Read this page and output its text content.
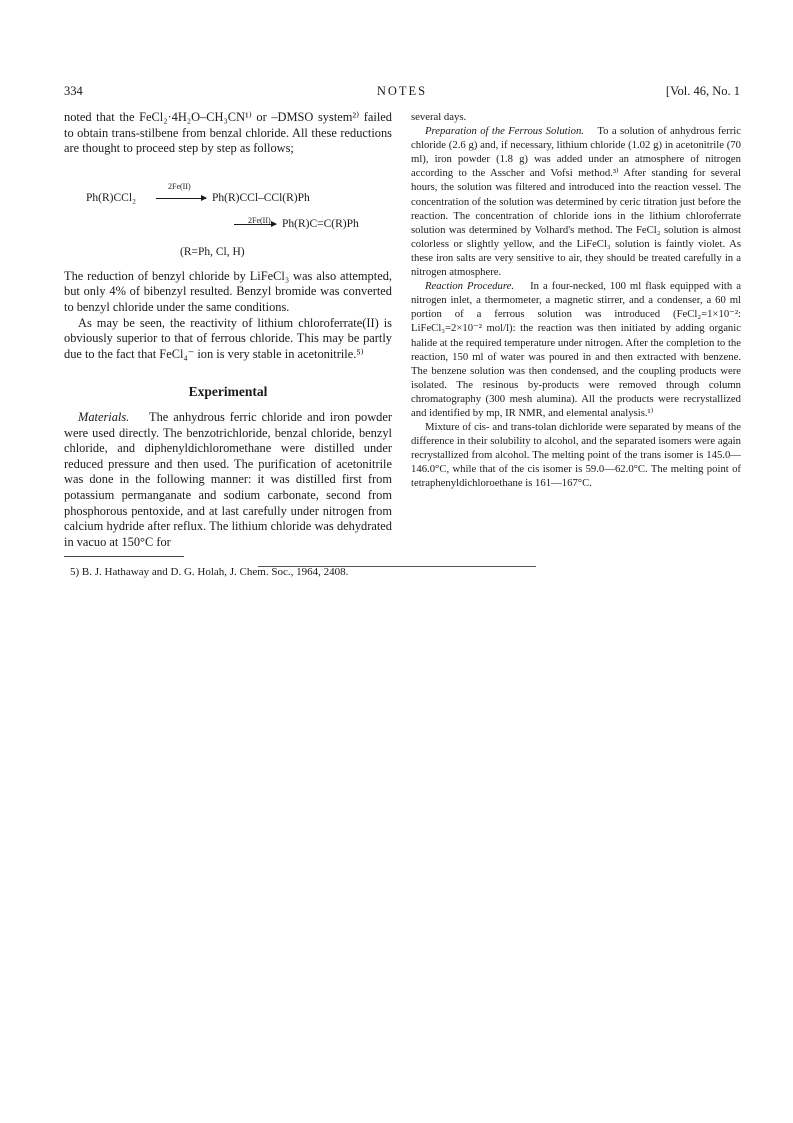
334	NOTES	[Vol. 46, No. 1

noted that the FeCl₂·4H₂O–CH₃CN¹⁾ or –DMSO system²⁾ failed to obtain trans-stilbene from benzal chloride. All these reductions are thought to proceed step by step as follows;

Ph(R)CCl₂
2Fe(II)
Ph(R)CCl–CCl(R)Ph
2Fe(II) Ph(R)C=C(R)Ph
(R=Ph, Cl, H)

The reduction of benzyl chloride by LiFeCl₃ was also attempted, but only 4% of bibenzyl resulted. Benzyl bromide was converted to benzyl chloride under the same conditions.

As may be seen, the reactivity of lithium chloroferrate(II) is obviously superior to that of ferrous chloride. This may be partly due to the fact that FeCl₄⁻ ion is very stable in acetonitrile.⁵⁾

Experimental

Materials. The anhydrous ferric chloride and iron powder were used directly. The benzotrichloride, benzal chloride, benzyl chloride, and diphenyldichloromethane were distilled under reduced pressure and then used. The purification of acetonitrile was done in the following manner: it was distilled first from potassium permanganate and sodium carbonate, second from phosphorous pentoxide, and at last carefully under nitrogen from calcium hydride after reflux. The lithium chloride was dehydrated in vacuo at 150°C for

5) B. J. Hathaway and D. G. Holah, J. Chem. Soc., 1964, 2408.

several days.

Preparation of the Ferrous Solution. To a solution of anhydrous ferric chloride (2.6 g) and, if necessary, lithium chloride (1.02 g) in acetonitrile (70 ml), iron powder (1.8 g) was added under an atmosphere of nitrogen according to the Asscher and Vofsi method.³⁾ After standing for several hours, the solution was filtered and introduced into the reaction vessel. The concentration of the solution was determined by ceric titration just before the reaction. The concentration of chloride ions in the lithium chloroferrate solution was determined by Volhard's method. The FeCl₂ solution is almost colorless or slightly yellow, and the LiFeCl₃ solution is faintly violet. As these iron salts are very sensitive to air, they should be treated carefully in a nitrogen atmosphere.

Reaction Procedure. In a four-necked, 100 ml flask equipped with a nitrogen inlet, a thermometer, a magnetic stirrer, and a condenser, a 60 ml portion of a ferrous solution was introduced (FeCl₂=1×10⁻²: LiFeCl₃=2×10⁻² mol/l): the reaction was then initiated by adding organic halide at the required temperature under nitrogen. After the completion to the reaction, 150 ml of water was poured in and then extracted with benzene. The benzene solution was then condensed, and the coupling products were isolated. The resinous by-products were removed through column chromatography (300 mesh alumina). All the products were recrystallized and identified by mp, IR NMR, and elemental analysis.¹⁾

Mixture of cis- and trans-tolan dichloride were separated by means of the difference in their solubility to alcohol, and the separated isomers were again recrystallized from alcohol. The melting point of the trans isomer is 145.0—146.0°C, while that of the cis isomer is 59.0—62.0°C. The melting point of tetraphenyldichloroethane is 161—167°C.
